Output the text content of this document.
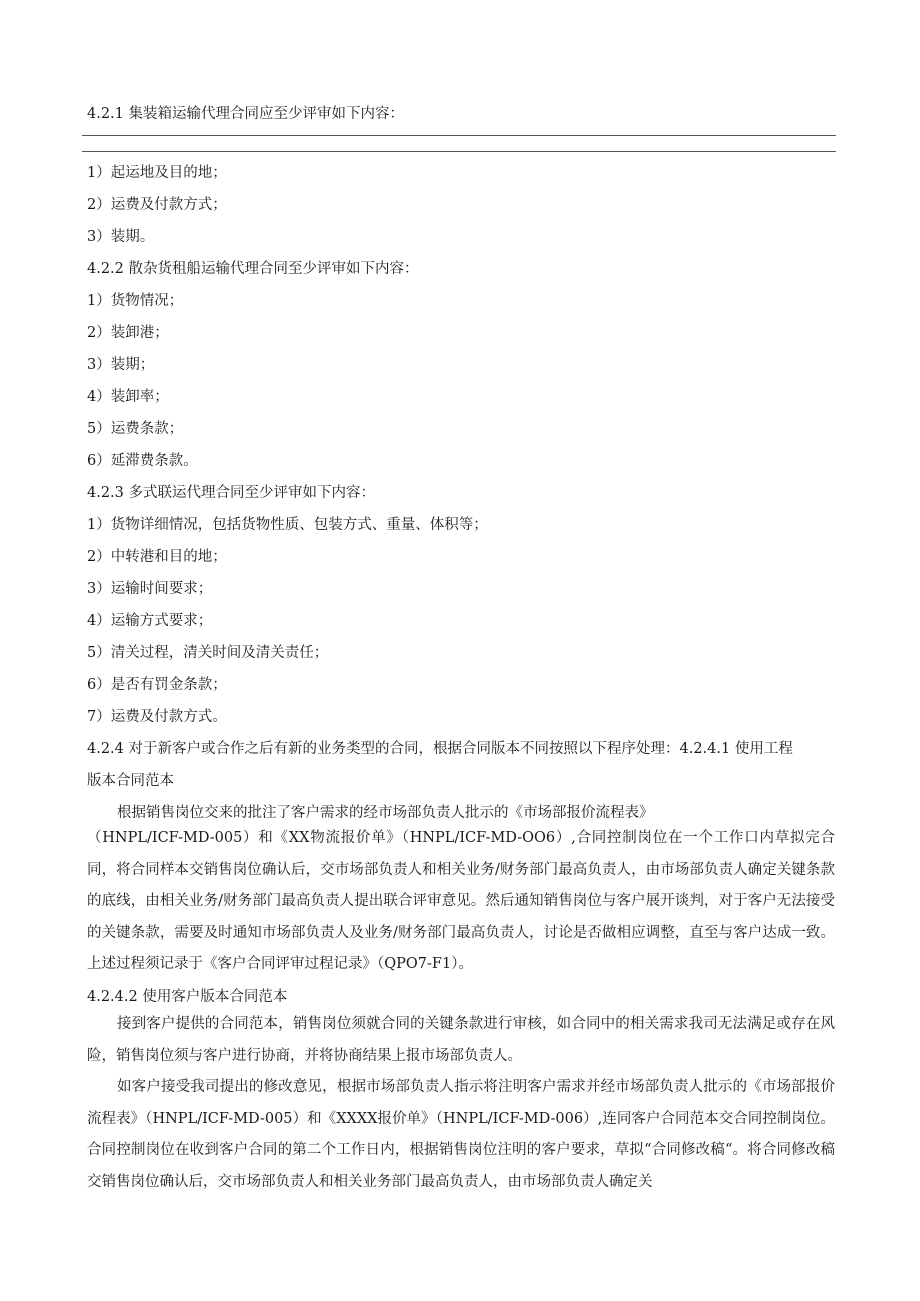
4.2.1 集装箱运输代理合同应至少评审如下内容：
1）起运地及目的地；
2）运费及付款方式；
3）装期。
4.2.2 散杂货租船运输代理合同至少评审如下内容：
1）货物情况；
2）装卸港；
3）装期；
4）装卸率；
5）运费条款；
6）延滞费条款。
4.2.3 多式联运代理合同至少评审如下内容：
1）货物详细情况，包括货物性质、包装方式、重量、体积等；
2）中转港和目的地；
3）运输时间要求；
4）运输方式要求；
5）清关过程，清关时间及清关责任；
6）是否有罚金条款；
7）运费及付款方式。
4.2.4 对于新客户或合作之后有新的业务类型的合同，根据合同版本不同按照以下程序处理：4.2.4.1 使用工程
版本合同范本
根据销售岗位交来的批注了客户需求的经市场部负责人批示的《市场部报价流程表》
（HNPL/ICF-MD-005）和《XX物流报价单》（HNPL/ICF-MD-OO6）,合同控制岗位在一个工作口内草拟完合同，将合同样本交销售岗位确认后，交市场部负责人和相关业务/财务部门最高负责人，由市场部负责人确定关键条款的底线，由相关业务/财务部门最高负责人提出联合评审意见。然后通知销售岗位与客户展开谈判，对于客户无法接受的关键条款，需要及时通知市场部负责人及业务/财务部门最高负责人，讨论是否做相应调整，直至与客户达成一致。上述过程须记录于《客户合同评审过程记录》（QPO7-F1）。
4.2.4.2 使用客户版本合同范本
接到客户提供的合同范本，销售岗位须就合同的关键条款进行审核，如合同中的相关需求我司无法满足或存在风险，销售岗位须与客户进行协商，并将协商结果上报市场部负责人。
如客户接受我司提出的修改意见，根据市场部负责人指示将注明客户需求并经市场部负责人批示的《市场部报价流程表》（HNPL/ICF-MD-005）和《XXXX报价单》（HNPL/ICF-MD-006）,连同客户合同范本交合同控制岗位。合同控制岗位在收到客户合同的第二个工作日内，根据销售岗位注明的客户要求，草拟“合同修改稿“。将合同修改稿交销售岗位确认后，交市场部负责人和相关业务部门最高负责人，由市场部负责人确定关
